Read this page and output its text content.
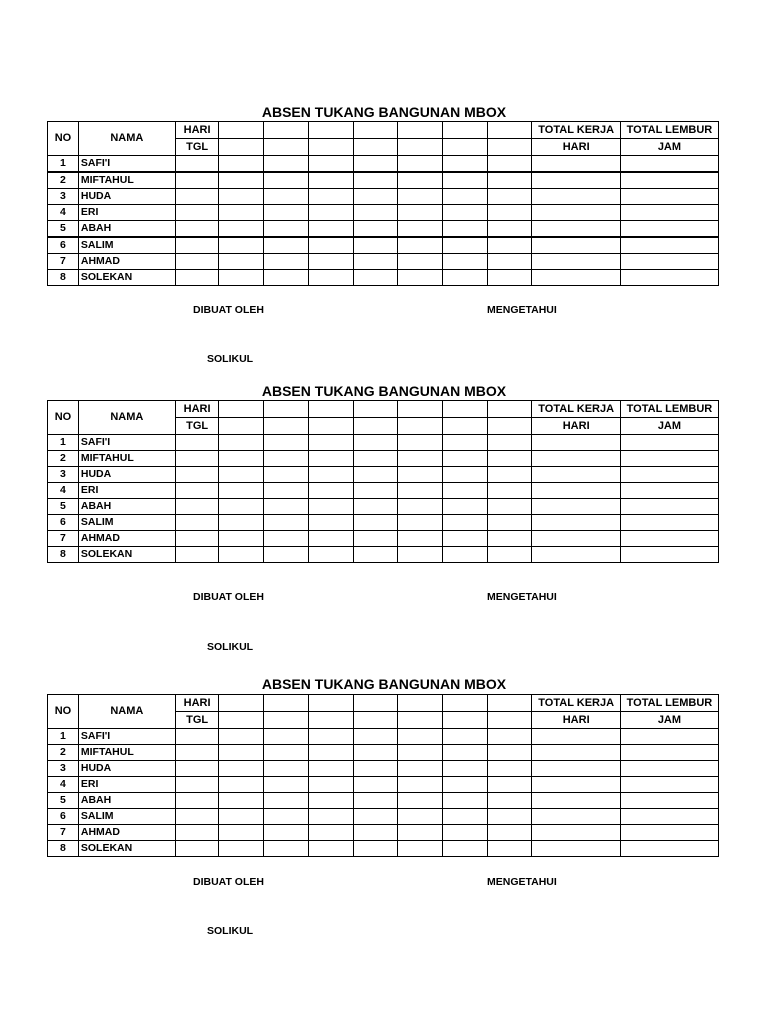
ABSEN TUKANG BANGUNAN MBOX
NO	NAMA	HARI								TOTAL KERJA	TOTAL LEMBUR
		TGL								HARI	JAM
1	SAFI'I										
2	MIFTAHUL										
3	HUDA										
4	ERI										
5	ABAH										
6	SALIM										
7	AHMAD										
8	SOLEKAN										
DIBUAT OLEH	MENGETAHUI
SOLIKUL
ABSEN TUKANG BANGUNAN MBOX
NO	NAMA	HARI								TOTAL KERJA	TOTAL LEMBUR
		TGL								HARI	JAM
1	SAFI'I										
2	MIFTAHUL										
3	HUDA										
4	ERI										
5	ABAH										
6	SALIM										
7	AHMAD										
8	SOLEKAN										
DIBUAT OLEH	MENGETAHUI
SOLIKUL
ABSEN TUKANG BANGUNAN MBOX
NO	NAMA	HARI								TOTAL KERJA	TOTAL LEMBUR
		TGL								HARI	JAM
1	SAFI'I										
2	MIFTAHUL										
3	HUDA										
4	ERI										
5	ABAH										
6	SALIM										
7	AHMAD										
8	SOLEKAN										
DIBUAT OLEH	MENGETAHUI
SOLIKUL
